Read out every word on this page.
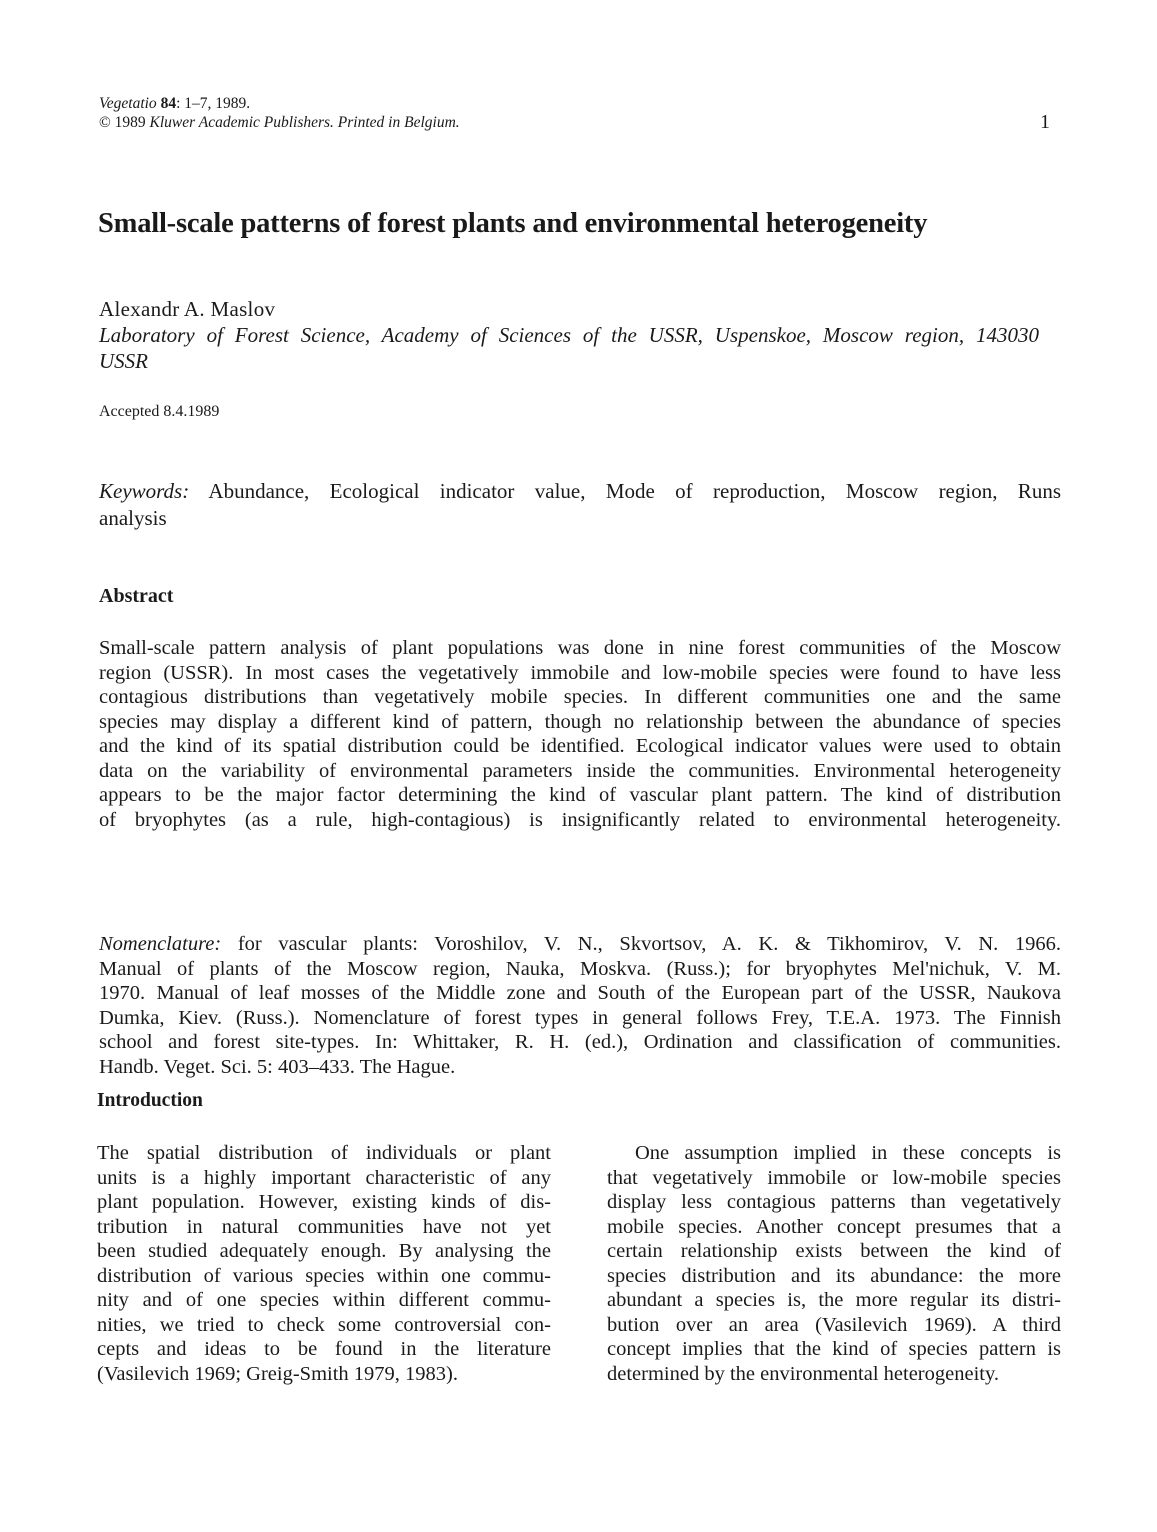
Vegetatio 84: 1–7, 1989.
© 1989 Kluwer Academic Publishers. Printed in Belgium.	1
Small-scale patterns of forest plants and environmental heterogeneity
Alexandr A. Maslov
Laboratory of Forest Science, Academy of Sciences of the USSR, Uspenskoe, Moscow region, 143030
USSR
Accepted 8.4.1989
Keywords: Abundance, Ecological indicator value, Mode of reproduction, Moscow region, Runs
analysis
Abstract
Small-scale pattern analysis of plant populations was done in nine forest communities of the Moscow
region (USSR). In most cases the vegetatively immobile and low-mobile species were found to have less
contagious distributions than vegetatively mobile species. In different communities one and the same
species may display a different kind of pattern, though no relationship between the abundance of species
and the kind of its spatial distribution could be identified. Ecological indicator values were used to obtain
data on the variability of environmental parameters inside the communities. Environmental heterogeneity
appears to be the major factor determining the kind of vascular plant pattern. The kind of distribution
of bryophytes (as a rule, high-contagious) is insignificantly related to environmental heterogeneity.
Nomenclature: for vascular plants: Voroshilov, V. N., Skvortsov, A. K. & Tikhomirov, V. N. 1966.
Manual of plants of the Moscow region, Nauka, Moskva. (Russ.); for bryophytes Mel'nichuk, V. M.
1970. Manual of leaf mosses of the Middle zone and South of the European part of the USSR, Naukova
Dumka, Kiev. (Russ.). Nomenclature of forest types in general follows Frey, T.E.A. 1973. The Finnish
school and forest site-types. In: Whittaker, R. H. (ed.), Ordination and classification of communities.
Handb. Veget. Sci. 5: 403–433. The Hague.
Introduction
The spatial distribution of individuals or plant
units is a highly important characteristic of any
plant population. However, existing kinds of dis-
tribution in natural communities have not yet
been studied adequately enough. By analysing the
distribution of various species within one commu-
nity and of one species within different commu-
nities, we tried to check some controversial con-
cepts and ideas to be found in the literature
(Vasilevich 1969; Greig-Smith 1979, 1983).
One assumption implied in these concepts is
that vegetatively immobile or low-mobile species
display less contagious patterns than vegetatively
mobile species. Another concept presumes that a
certain relationship exists between the kind of
species distribution and its abundance: the more
abundant a species is, the more regular its distri-
bution over an area (Vasilevich 1969). A third
concept implies that the kind of species pattern is
determined by the environmental heterogeneity.
